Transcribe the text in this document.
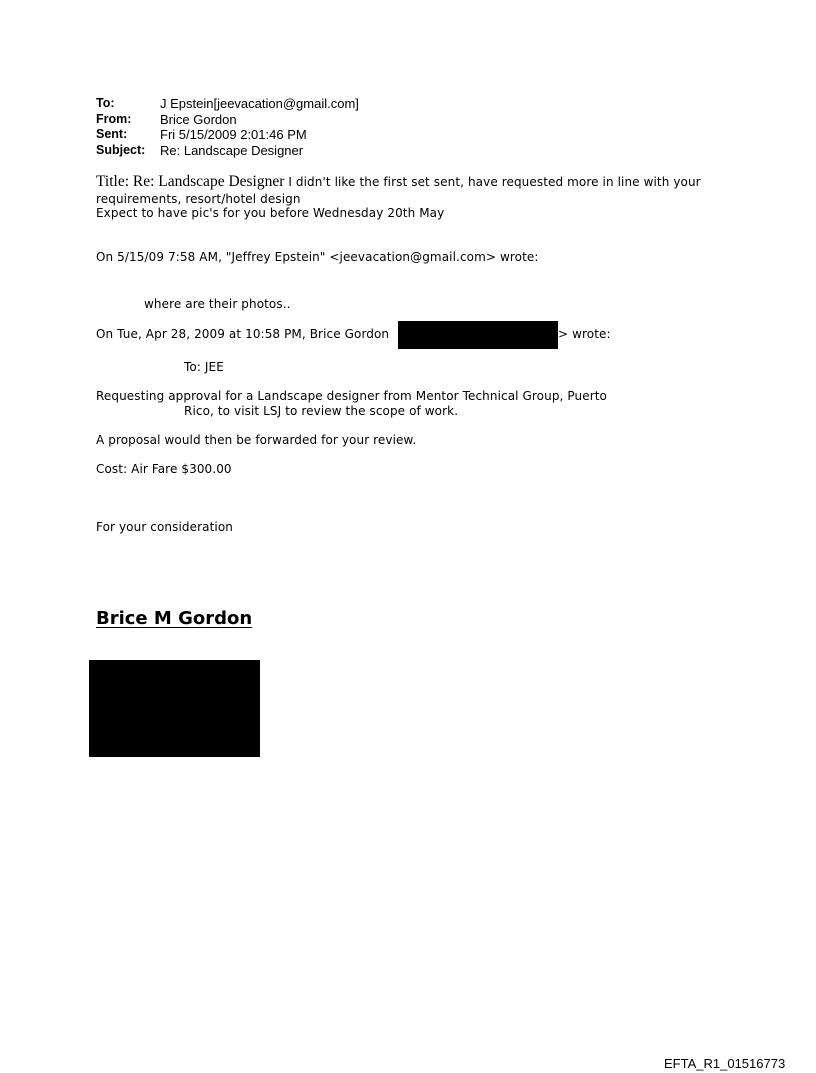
To:	J Epstein[jeevacation@gmail.com]
From: Brice Gordon
Sent:	Fri 5/15/2009 2:01:46 PM
Subject: Re: Landscape Designer
Title: Re: Landscape Designer I didn't like the first set sent, have requested more in line with your
requirements, resort/hotel design
Expect to have pic's for you before Wednesday 20th May
On 5/15/09 7:58 AM, "Jeffrey Epstein" <jeevacation@gmail.com> wrote:
where are their photos..
On Tue, Apr 28, 2009 at 10:58 PM, Brice Gordon	> wrote:
To: JEE
Requesting approval for a Landscape designer from Mentor Technical Group, Puerto
Rico, to visit LSJ to review the scope of work.
A proposal would then be forwarded for your review.
Cost: Air Fare $300.00
For your consideration
Brice M Gordon
EFTA_R1_01516773
